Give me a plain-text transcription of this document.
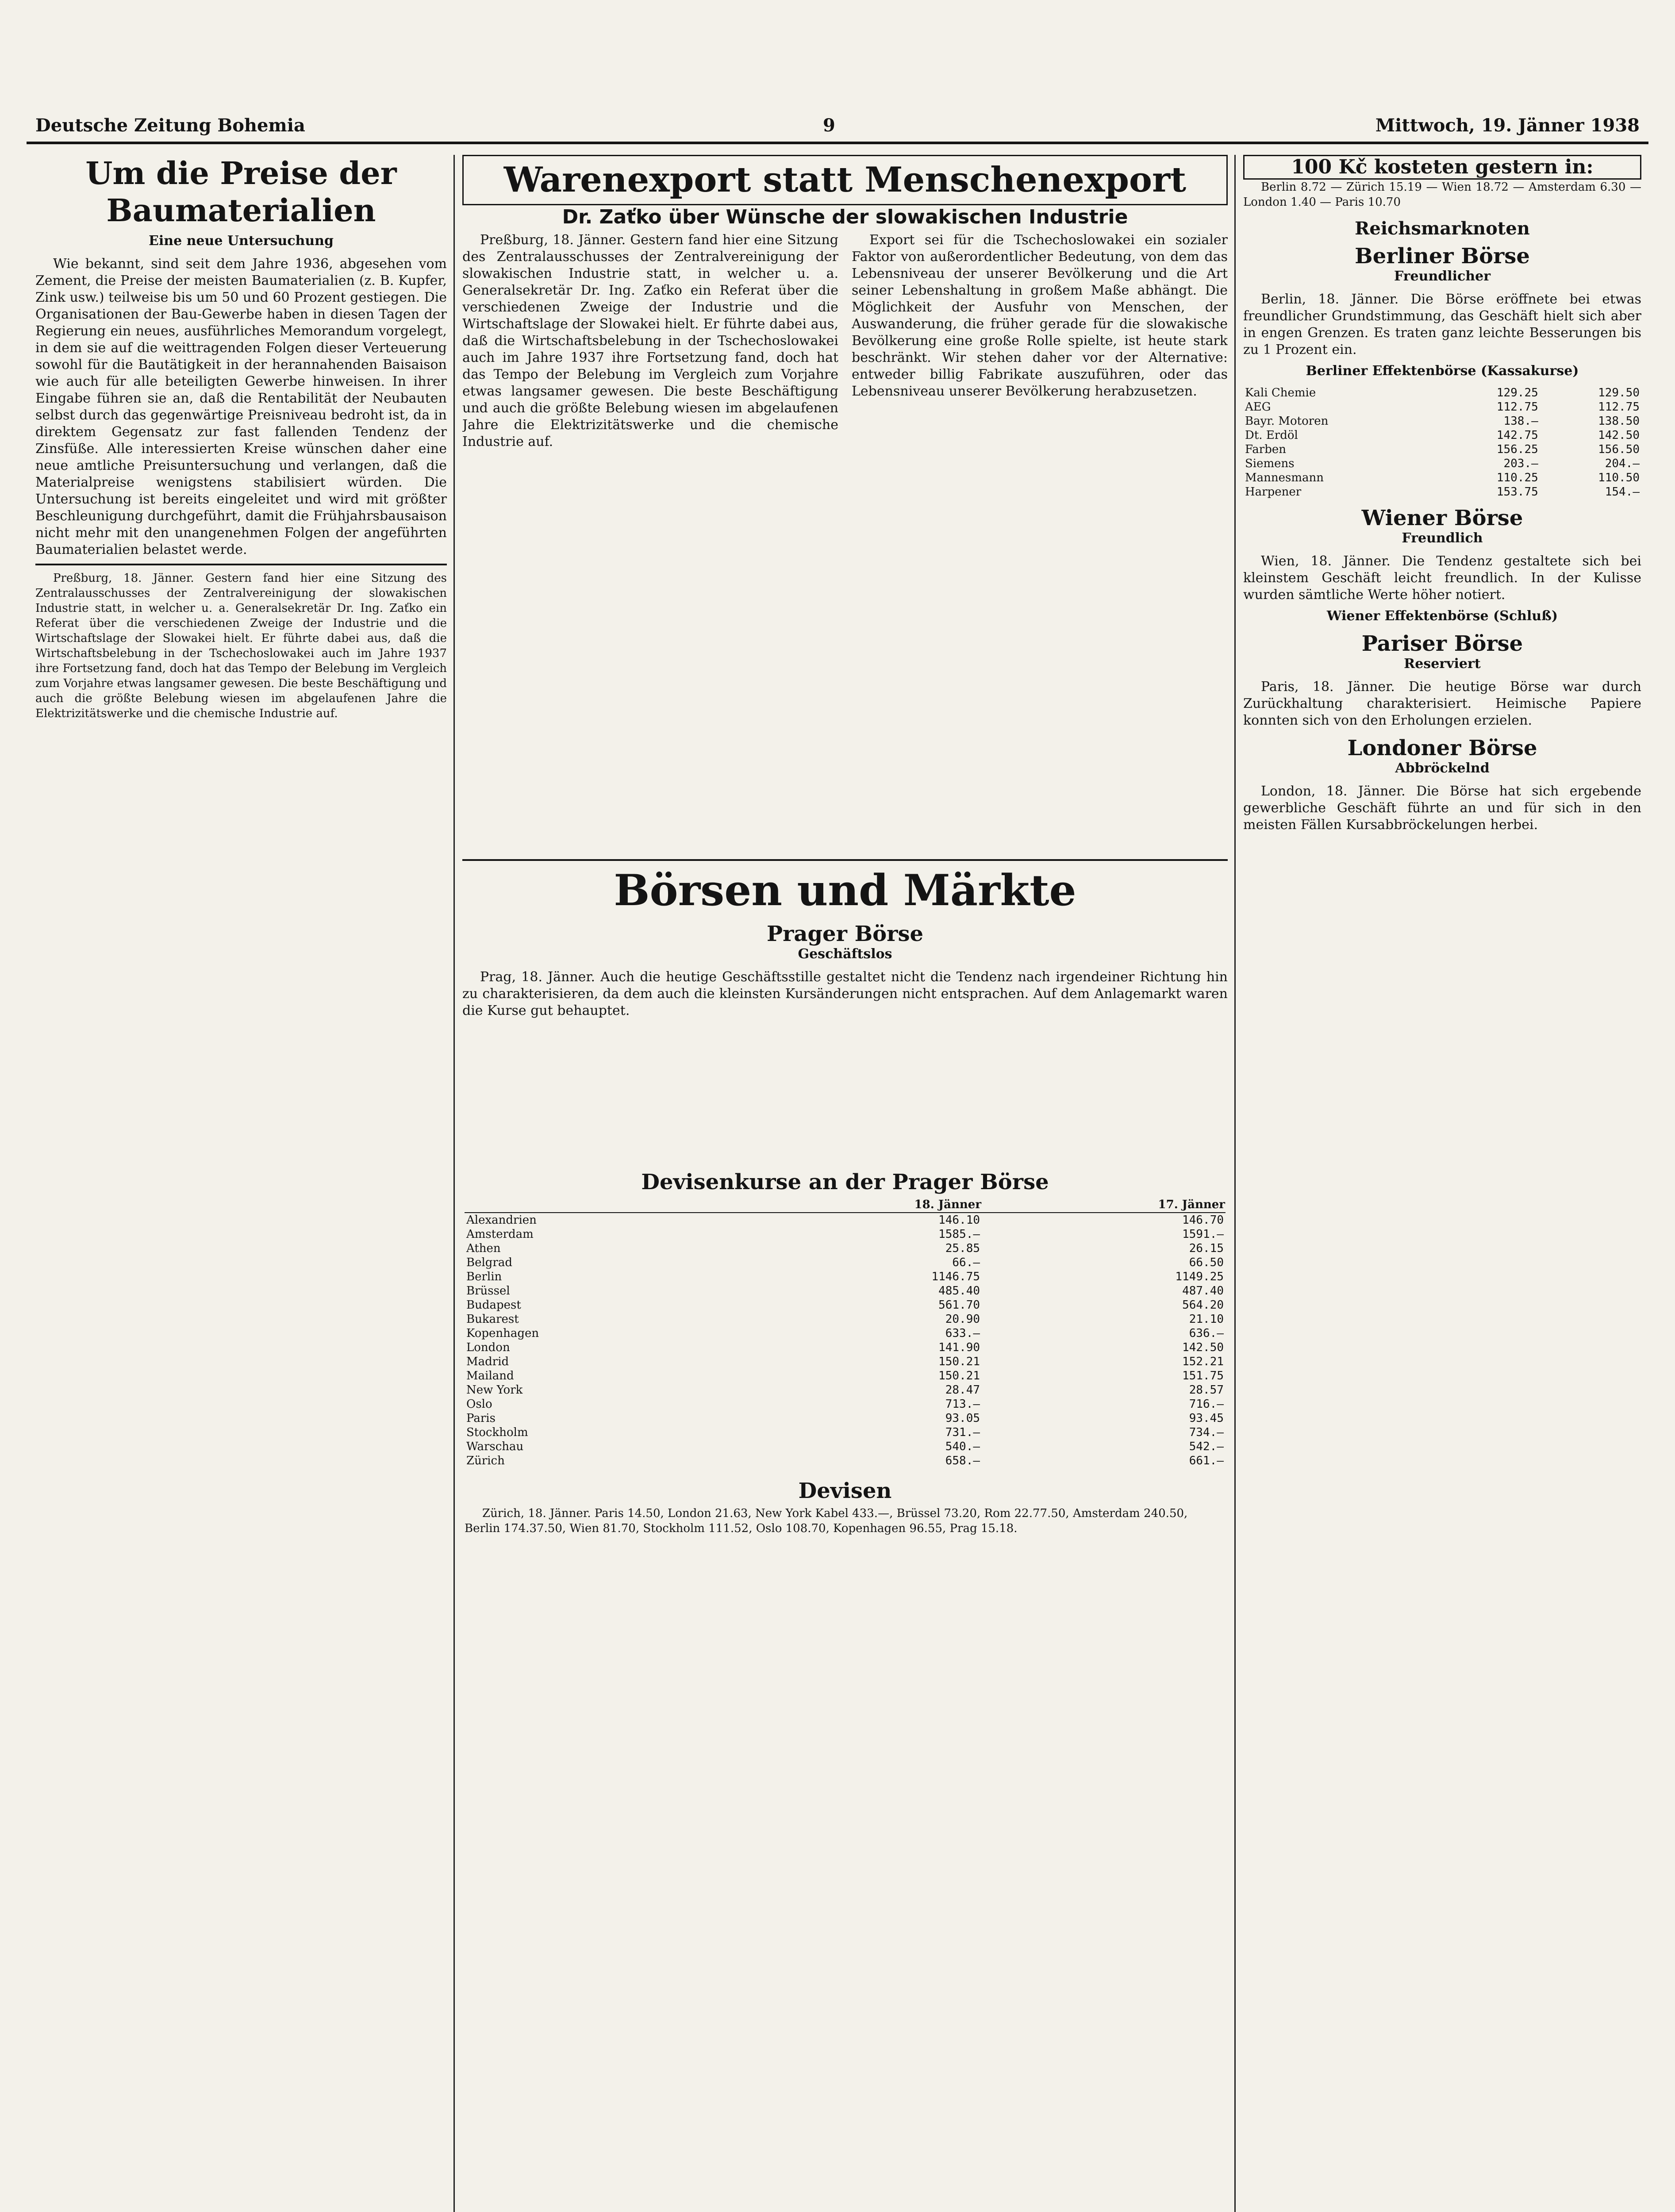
Deutsche Zeitung Bohemia	9	Mittwoch, 19. Jänner 1938
Um die Preise der Baumaterialien
Eine neue Untersuchung

Wie bekannt, sind seit dem Jahre 1936, abgesehen vom Zement, die Preise der meisten Baumaterialien (z. B. Kupfer, Zink usw.) teilweise bis um 50 und 60 Prozent gestiegen. Die Organisationen der Bau-Gewerbe haben in diesen Tagen der Regierung ein neues, ausführliches Memorandum vorgelegt, in dem sie auf die weittragenden Folgen dieser Verteuerung sowohl für die Bautätigkeit in der herannahenden Baisaison wie auch für alle beteiligten Gewerbe hinweisen. In ihrer Eingabe führen sie an, daß die Rentabilität der Neubauten selbst durch das gegenwärtige Preisniveau bedroht ist, da in direktem Gegensatz zur fast fallenden Tendenz der Zinsfüße. Alle interessierten Kreise wünschen daher eine neue amtliche Preisuntersuchung und verlangen, daß die Materialpreise wenigstens stabilisiert würden. Die Untersuchung ist bereits eingeleitet und wird mit größter Beschleunigung durchgeführt, damit die Frühjahrsbausaison nicht mehr mit den unangenehmen Folgen der angeführten Baumaterialien belastet werde.

Preßburg, 18. Jänner. Gestern fand hier eine Sitzung des Zentralausschusses der Zentralvereinigung der slowakischen Industrie statt, in welcher u. a. Generalsekretär Dr. Ing. Zaťko ein Referat über die verschiedenen Zweige der Industrie und die Wirtschaftslage der Slowakei hielt. Er führte dabei aus, daß die Wirtschaftsbelebung in der Tschechoslowakei auch im Jahre 1937 ihre Fortsetzung fand, doch hat das Tempo der Belebung im Vergleich zum Vorjahre etwas langsamer gewesen. Die beste Beschäftigung und auch die größte Belebung wiesen im abgelaufenen Jahre die Elektrizitätswerke und die chemische Industrie auf.

Warenexport statt Menschenexport
Dr. Zaťko über Wünsche der slowakischen Industrie

Preßburg, 18. Jänner. Gestern fand hier eine Sitzung des Zentralausschusses der Zentralvereinigung der slowakischen Industrie statt, in welcher u. a. Generalsekretär Dr. Ing. Zaťko ein Referat über die verschiedenen Zweige der Industrie und die Wirtschaftslage der Slowakei hielt. Er führte dabei aus, daß die Wirtschaftsbelebung in der Tschechoslowakei auch im Jahre 1937 ihre Fortsetzung fand, doch hat das Tempo der Belebung im Vergleich zum Vorjahre etwas langsamer gewesen. Die beste Beschäftigung und auch die größte Belebung wiesen im abgelaufenen Jahre die Elektrizitätswerke und die chemische Industrie auf.

Export sei für die Tschechoslowakei ein sozialer Faktor von außerordentlicher Bedeutung, von dem das Lebensniveau der unserer Bevölkerung und die Art seiner Lebenshaltung in großem Maße abhängt. Die Möglichkeit der Ausfuhr von Menschen, der Auswanderung, die früher gerade für die slowakische Bevölkerung eine große Rolle spielte, ist heute stark beschränkt. Wir stehen daher vor der Alternative: entweder billig Fabrikate auszuführen, oder das Lebensniveau unserer Bevölkerung herabzusetzen.

Börsen und Märkte
Prager Börse
Geschäftslos

Prag, 18. Jänner. Auch die heutige Geschäftsstille gestaltet nicht die Tendenz nach irgendeiner Richtung hin zu charakterisieren, da dem auch die kleinsten Kursänderungen nicht entsprachen. Auf dem Anlagemarkt waren die Kurse gut behauptet.

Devisenkurse an der Prager Börse
	18. Jänner	17. Jänner
Alexandrien	146.10	146.70
Amsterdam	1585.—	1591.—
Athen	25.85	26.15
Belgrad	66.—	66.50
Berlin	1146.75	1149.25
Brüssel	485.40	487.40
Budapest	561.70	564.20
Bukarest	20.90	21.10
Kopenhagen	633.—	636.—
London	141.90	142.50
Madrid	150.21	152.21
Mailand	150.21	151.75
New York	28.47	28.57
Oslo	713.—	716.—
Paris	93.05	93.45
Stockholm	731.—	734.—
Warschau	540.—	542.—
Zürich	658.—	661.—
Devisen

Zürich, 18. Jänner. Paris 14.50, London 21.63, New York Kabel 433.—, Brüssel 73.20, Rom 22.77.50, Amsterdam 240.50, Berlin 174.37.50, Wien 81.70, Stockholm 111.52, Oslo 108.70, Kopenhagen 96.55, Prag 15.18.

100 Kč kosteten gestern in:

Berlin 8.72 — Zürich 15.19 — Wien 18.72 — Amsterdam 6.30 — London 1.40 — Paris 10.70

Reichsmarknoten
Berliner Börse
Freundlicher

Berlin, 18. Jänner. Die Börse eröffnete bei etwas freundlicher Grundstimmung, das Geschäft hielt sich aber in engen Grenzen. Es traten ganz leichte Besserungen bis zu 1 Prozent ein.

Berliner Effektenbörse (Kassakurse)
Kali Chemie	129.25	129.50
AEG	112.75	112.75
Bayr. Motoren	138.—	138.50
Dt. Erdöl	142.75	142.50
Farben	156.25	156.50
Siemens	203.—	204.—
Mannesmann	110.25	110.50
Harpener	153.75	154.—
Wiener Börse
Freundlich

Wien, 18. Jänner. Die Tendenz gestaltete sich bei kleinstem Geschäft leicht freundlich. In der Kulisse wurden sämtliche Werte höher notiert.

Wiener Effektenbörse (Schluß)
Pariser Börse
Reserviert

Paris, 18. Jänner. Die heutige Börse war durch Zurückhaltung charakterisiert. Heimische Papiere konnten sich von den Erholungen erzielen.

Londoner Börse
Abbröckelnd

London, 18. Jänner. Die Börse hat sich ergebende gewerbliche Geschäft führte an und für sich in den meisten Fällen Kursabbröckelungen herbei.
